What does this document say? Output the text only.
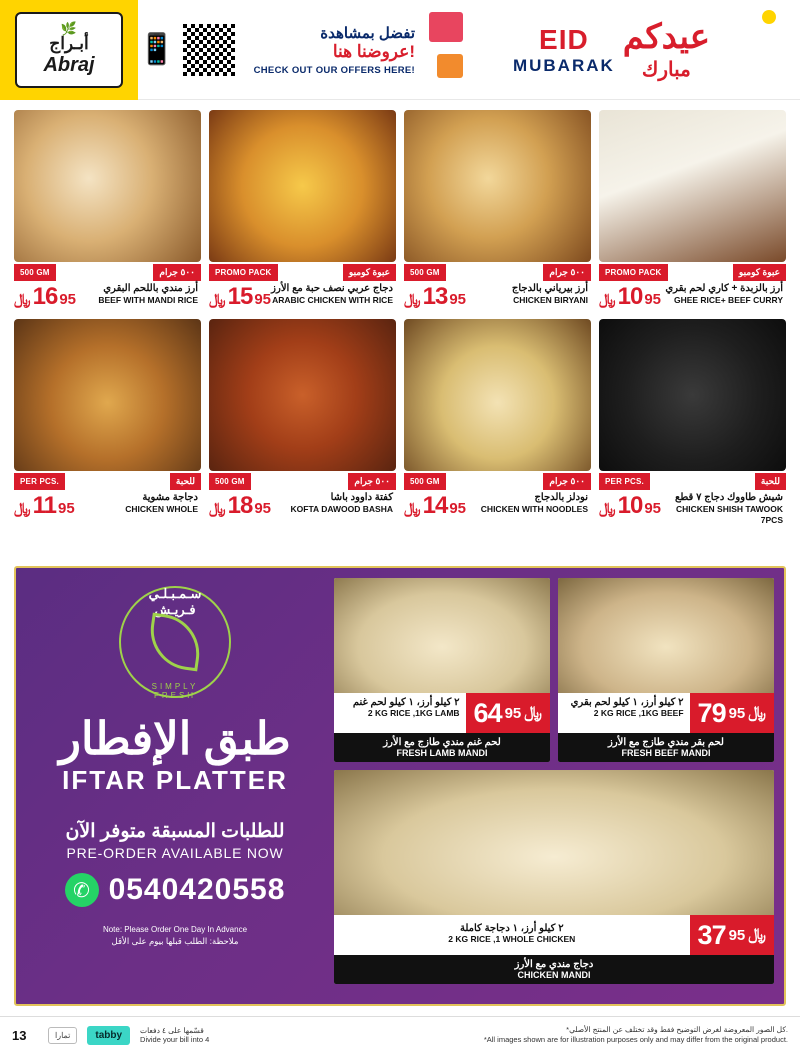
🌿
أبـراج
Abraj 📱	تفضل بمشاهدة
عروضنا هنا!
CHECK OUT OUR OFFERS HERE!
EID
MUBARAK
عيدكم
مبارك
500 GM	٥٠٠ جرام
﷼ 16 95
أرز مندي باللحم البقري
BEEF WITH MANDI RICE
PROMO PACK	عبوة كومبو
﷼ 15 95
دجاج عربي نصف حبة مع الأرز
ARABIC CHICKEN WITH RICE
500 GM	٥٠٠ جرام
﷼ 13 95
أرز بيرياني بالدجاج
CHICKEN BIRYANI
PROMO PACK	عبوة كومبو
﷼ 10 95
أرز بالزبدة + كاري لحم بقري
GHEE RICE+ BEEF CURRY
PER PCS.	للحبة
﷼ 11 95
دجاجة مشوية
CHICKEN WHOLE
500 GM	٥٠٠ جرام
﷼ 18 95
كفتة داوود باشا
KOFTA DAWOOD BASHA
500 GM	٥٠٠ جرام
﷼ 14 95
نودلز بالدجاج
CHICKEN WITH NOODLES
PER PCS.	للحبة
﷼ 10 95
شيش طاووك دجاج ٧ قطع
CHICKEN SHISH TAWOOK 7PCS
سـمـبـلـي فـريـش
SIMPLY FRESH
طبق الإفطار
IFTAR PLATTER
للطلبات المسبقة متوفر الآن
PRE-ORDER AVAILABLE NOW
✆ 0540420558
Note: Please Order One Day In Advance
ملاحظة: الطلب قبلها بيوم على الأقل
٢ كيلو أرز، ١ كيلو لحم غنم
2 KG RICE ,1KG LAMB 64 95 ﷼
لحم غنم مندي طازج مع الأرز
FRESH LAMB MANDI
٢ كيلو أرز، ١ كيلو لحم بقري
2 KG RICE ,1KG BEEF 79 95 ﷼
لحم بقر مندي طازج مع الأرز
FRESH BEEF MANDI
٢ كيلو أرز، ١ دجاجة كاملة
2 KG RICE ,1 WHOLE CHICKEN	37 95 ﷼
دجاج مندي مع الأرز
CHICKEN MANDI
13	تمارا	tabby	قسّمها على ٤ دفعات
Divide your bill into 4
*كل الصور المعروضة لغرض التوضيح فقط وقد تختلف عن المنتج الأصلي.
*All images shown are for illustration purposes only and may differ from the original product.
